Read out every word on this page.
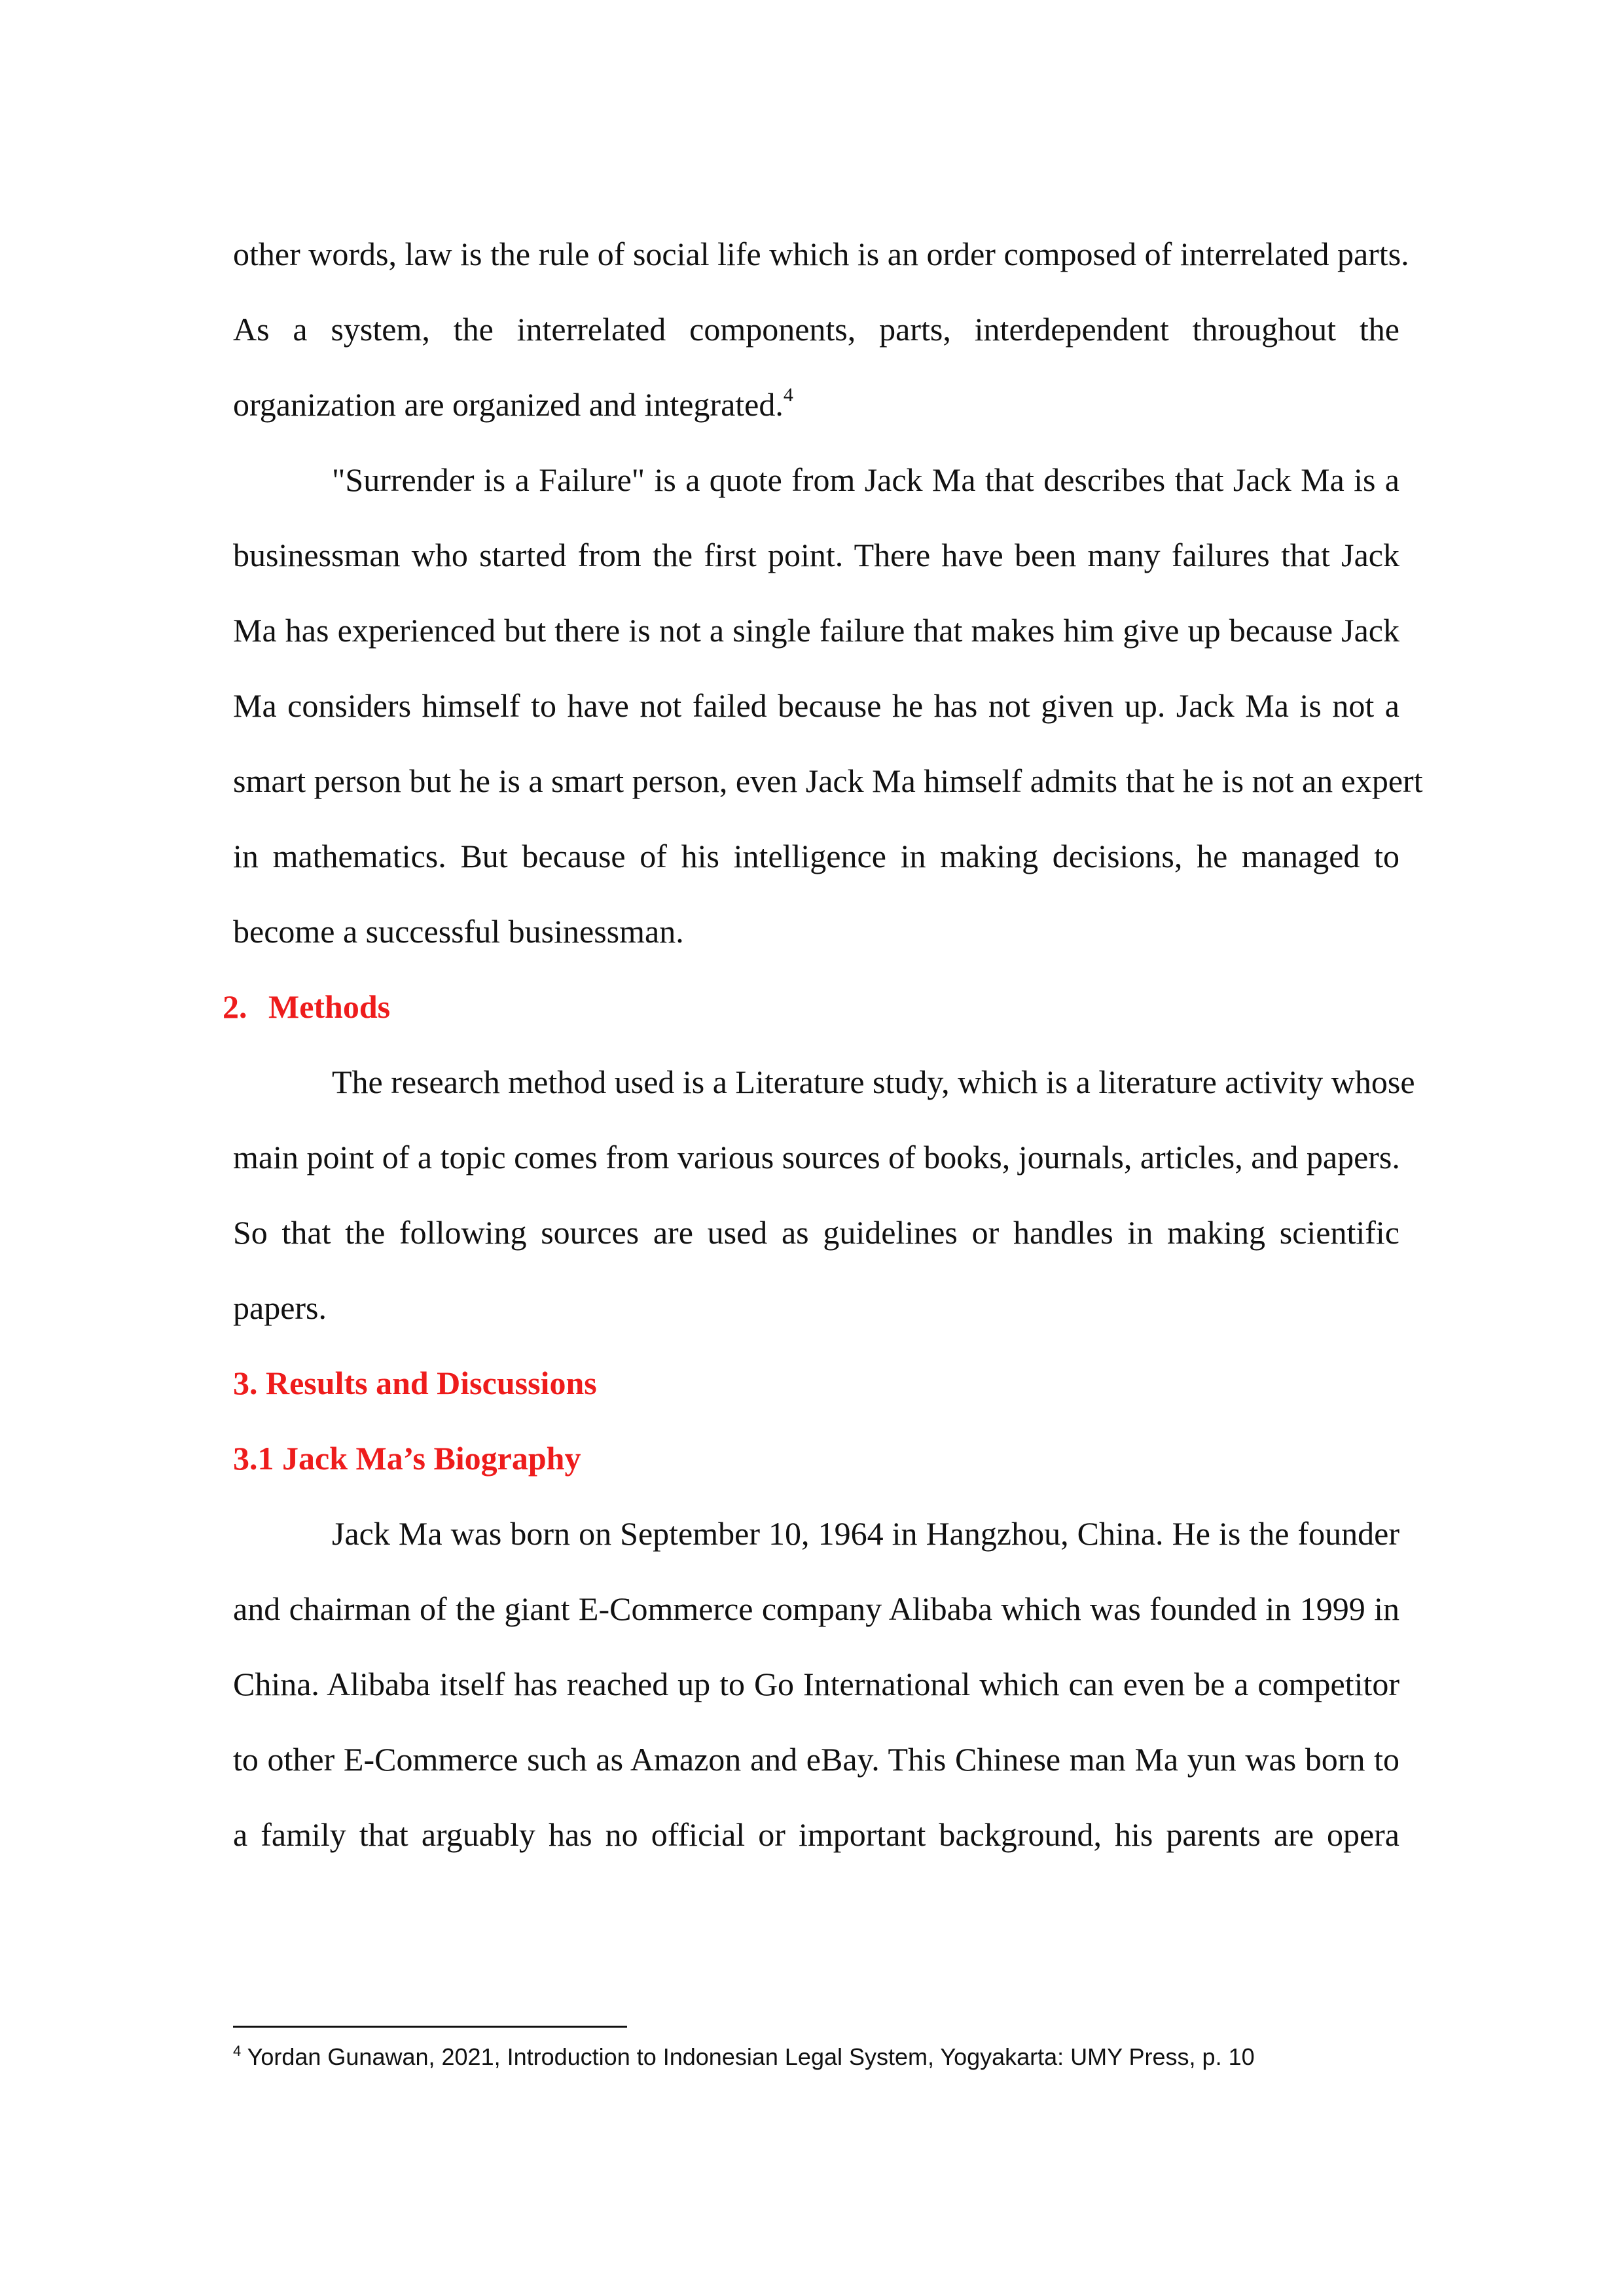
other words, law is the rule of social life which is an order composed of interrelated parts.
As a system, the interrelated components, parts, interdependent throughout the
organization are organized and integrated.$^4$
"Surrender is a Failure" is a quote from Jack Ma that describes that Jack Ma is a
businessman who started from the first point. There have been many failures that Jack
Ma has experienced but there is not a single failure that makes him give up because Jack
Ma considers himself to have not failed because he has not given up. Jack Ma is not a
smart person but he is a smart person, even Jack Ma himself admits that he is not an expert
in mathematics. But because of his intelligence in making decisions, he managed to
become a successful businessman.
2. Methods
The research method used is a Literature study, which is a literature activity whose
main point of a topic comes from various sources of books, journals, articles, and papers.
So that the following sources are used as guidelines or handles in making scientific
papers.
3. Results and Discussions
3.1 Jack Ma’s Biography
Jack Ma was born on September 10, 1964 in Hangzhou, China. He is the founder
and chairman of the giant E-Commerce company Alibaba which was founded in 1999 in
China. Alibaba itself has reached up to Go International which can even be a competitor
to other E-Commerce such as Amazon and eBay. This Chinese man Ma yun was born to
a family that arguably has no official or important background, his parents are opera
$^4$ Yordan Gunawan, 2021, Introduction to Indonesian Legal System, Yogyakarta: UMY Press, p. 10
